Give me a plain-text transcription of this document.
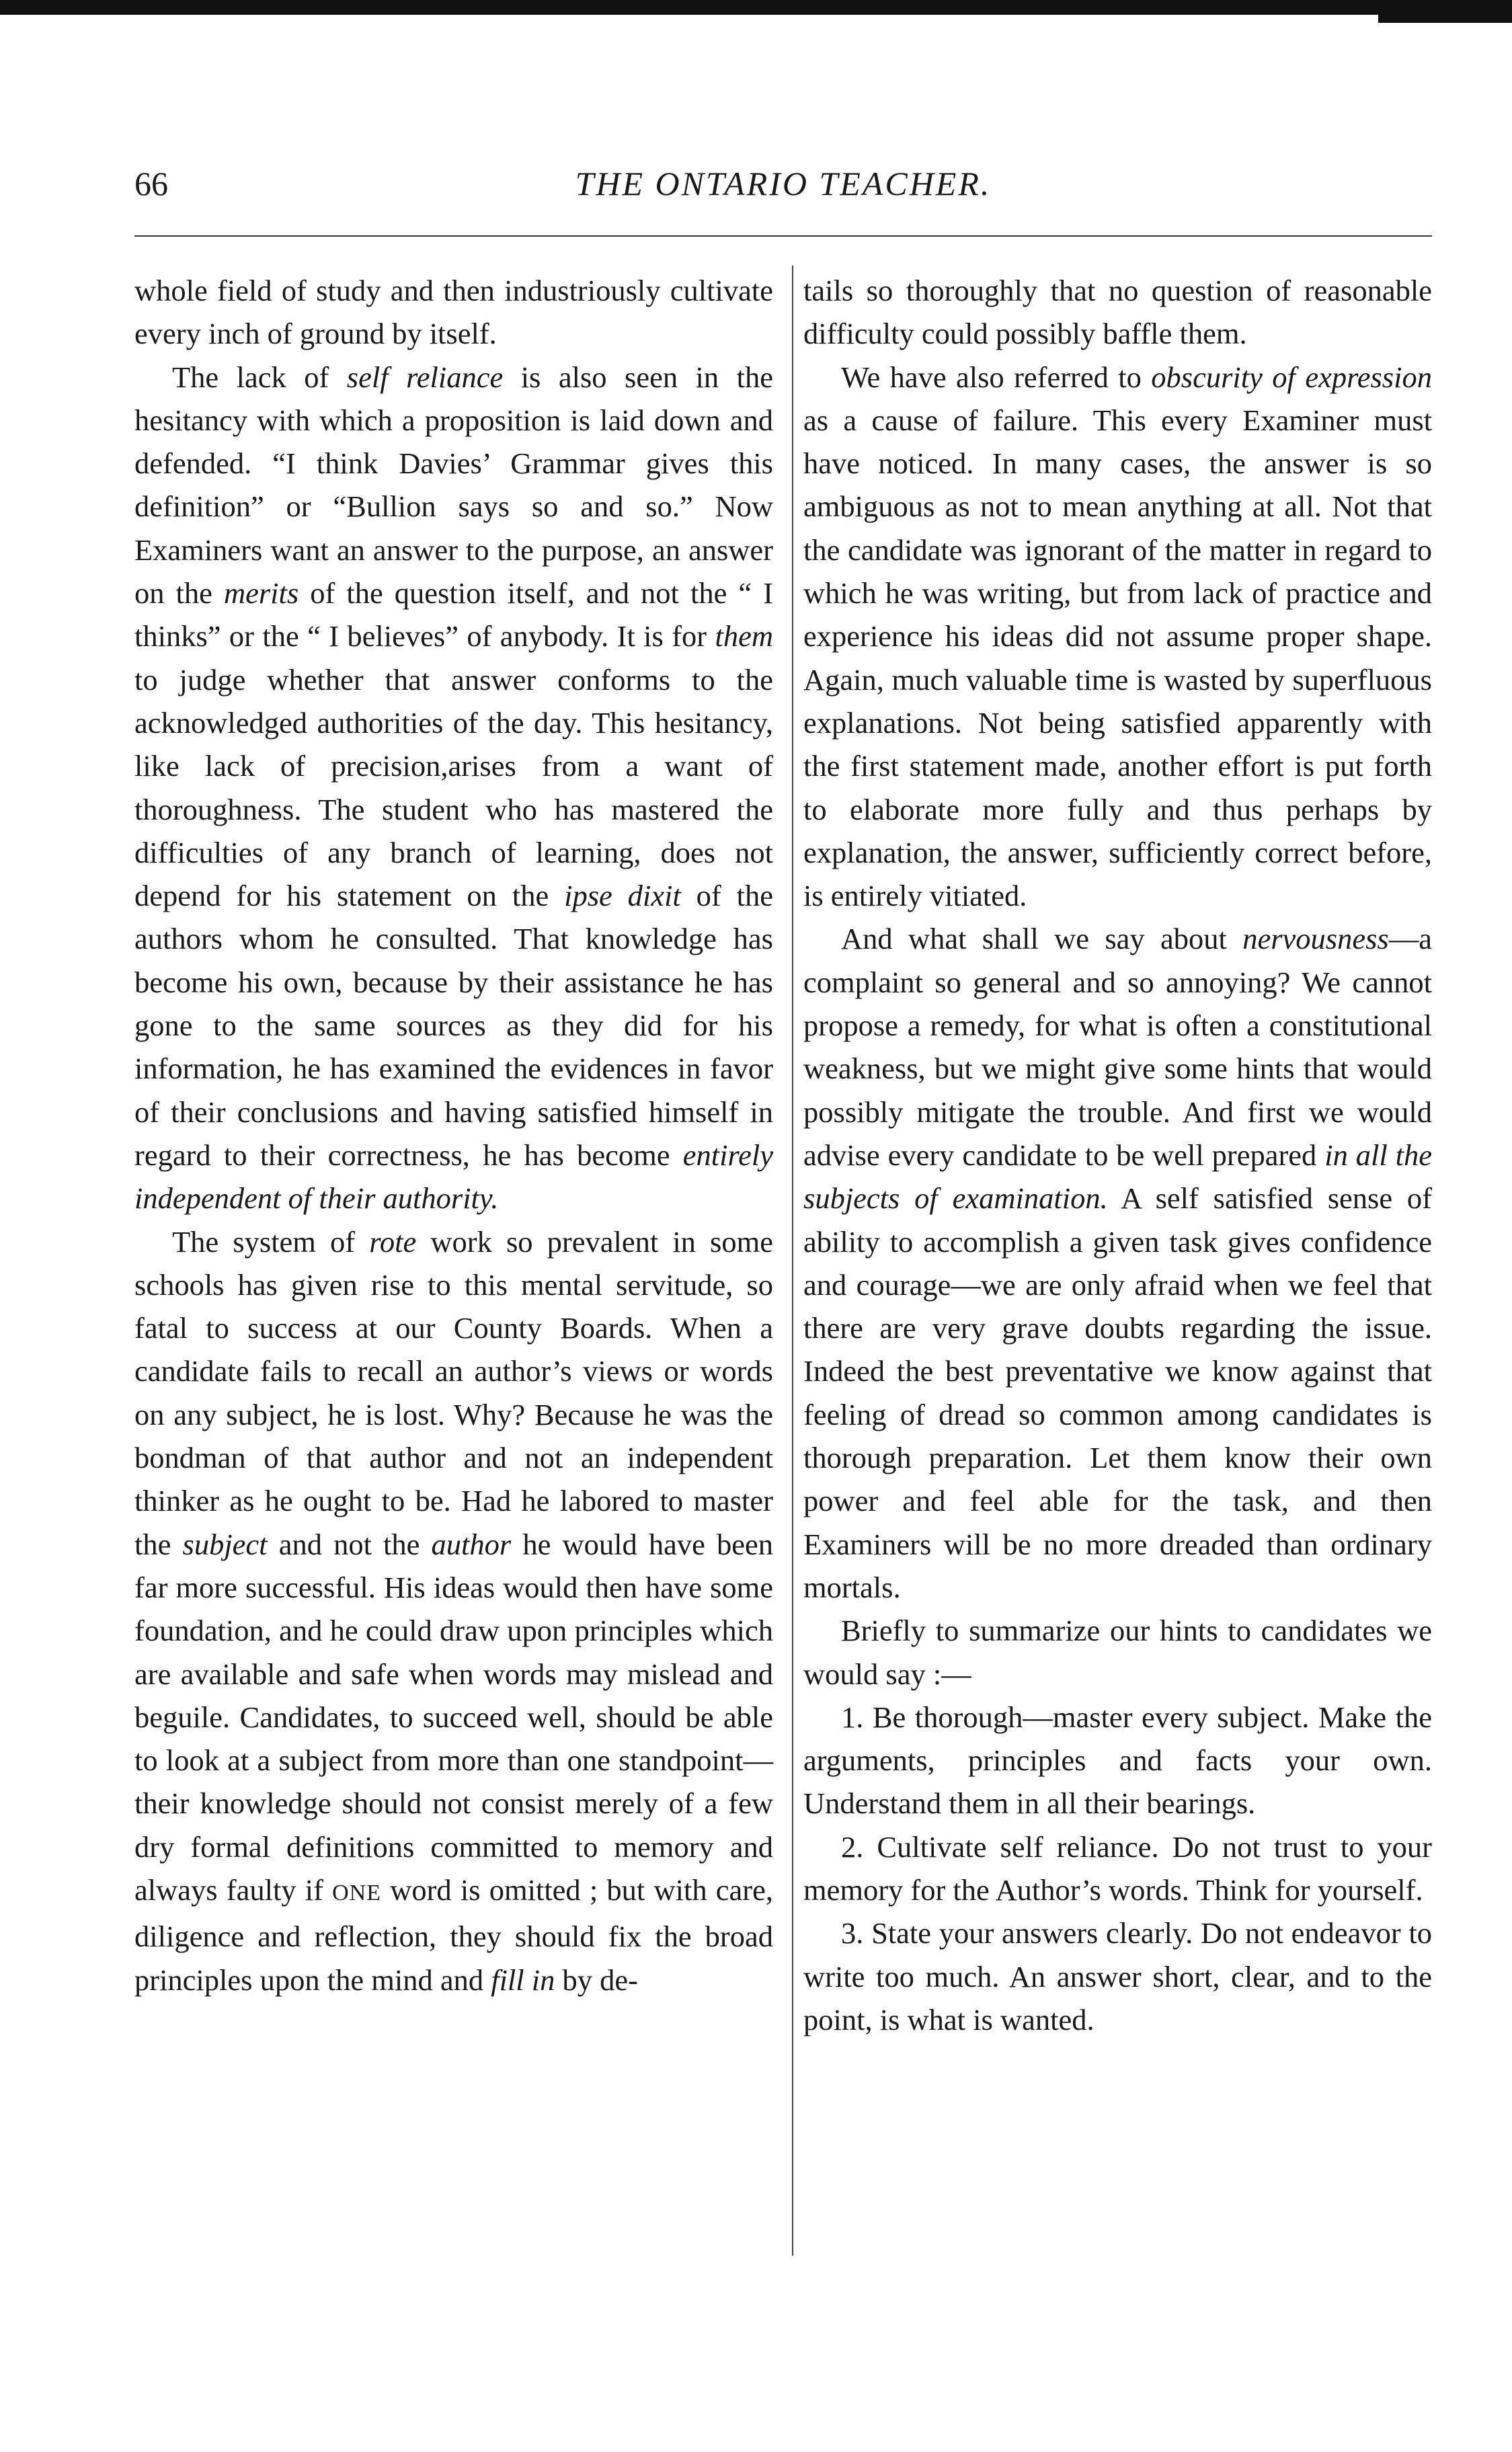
66	THE ONTARIO TEACHER.

whole field of study and then industriously cultivate every inch of ground by itself.

The lack of self reliance is also seen in the hesitancy with which a proposition is laid down and defended. “I think Davies’ Grammar gives this definition” or “Bullion says so and so.” Now Examiners want an answer to the purpose, an answer on the merits of the question itself, and not the “ I thinks” or the “ I believes” of anybody. It is for them to judge whether that answer conforms to the acknowledged authorities of the day. This hesitancy, like lack of precision,arises from a want of thoroughness. The student who has mastered the difficulties of any branch of learning, does not depend for his statement on the ipse dixit of the authors whom he consulted. That knowledge has become his own, because by their assistance he has gone to the same sources as they did for his information, he has examined the evidences in favor of their conclusions and having satisfied himself in regard to their correctness, he has become entirely independent of their authority.

The system of rote work so prevalent in some schools has given rise to this mental servitude, so fatal to success at our County Boards. When a candidate fails to recall an author’s views or words on any subject, he is lost. Why? Because he was the bondman of that author and not an independent thinker as he ought to be. Had he labored to master the subject and not the author he would have been far more successful. His ideas would then have some foundation, and he could draw upon principles which are available and safe when words may mislead and beguile. Candidates, to succeed well, should be able to look at a subject from more than one standpoint—their knowledge should not consist merely of a few dry formal definitions committed to memory and always faulty if ONE word is omitted ; but with care, diligence and reflection, they should fix the broad principles upon the mind and fill in by de-

tails so thoroughly that no question of reasonable difficulty could possibly baffle them.

We have also referred to obscurity of expression as a cause of failure. This every Examiner must have noticed. In many cases, the answer is so ambiguous as not to mean anything at all. Not that the candidate was ignorant of the matter in regard to which he was writing, but from lack of practice and experience his ideas did not assume proper shape. Again, much valuable time is wasted by superfluous explanations. Not being satisfied apparently with the first statement made, another effort is put forth to elaborate more fully and thus perhaps by explanation, the answer, sufficiently correct before, is entirely vitiated.

And what shall we say about nervousness—a complaint so general and so annoying? We cannot propose a remedy, for what is often a constitutional weakness, but we might give some hints that would possibly mitigate the trouble. And first we would advise every candidate to be well prepared in all the subjects of examination. A self satisfied sense of ability to accomplish a given task gives confidence and courage—we are only afraid when we feel that there are very grave doubts regarding the issue. Indeed the best preventative we know against that feeling of dread so common among candidates is thorough preparation. Let them know their own power and feel able for the task, and then Examiners will be no more dreaded than ordinary mortals.

Briefly to summarize our hints to candidates we would say :—

1. Be thorough—master every subject. Make the arguments, principles and facts your own. Understand them in all their bearings.

2. Cultivate self reliance. Do not trust to your memory for the Author’s words. Think for yourself.

3. State your answers clearly. Do not endeavor to write too much. An answer short, clear, and to the point, is what is wanted.
